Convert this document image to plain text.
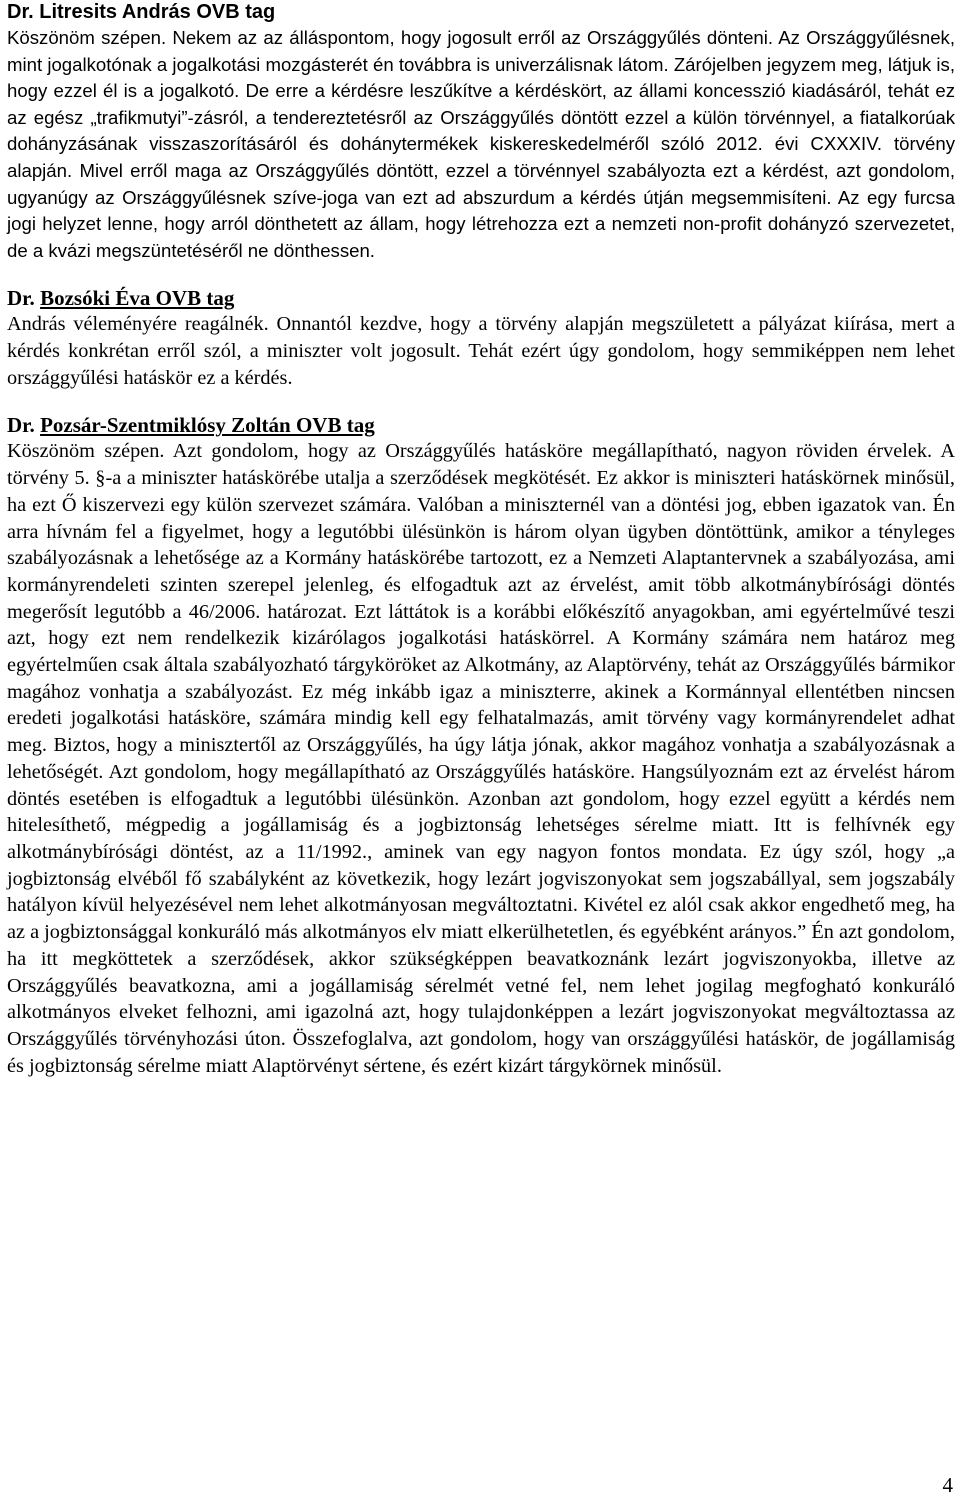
Dr. Litresits András OVB tag

Köszönöm szépen. Nekem az az álláspontom, hogy jogosult erről az Országgyűlés dönteni. Az Országgyűlésnek, mint jogalkotónak a jogalkotási mozgásterét én továbbra is univerzálisnak látom. Zárójelben jegyzem meg, látjuk is, hogy ezzel él is a jogalkotó. De erre a kérdésre leszűkítve a kérdéskört, az állami koncesszió kiadásáról, tehát ez az egész „trafikmutyi”-zásról, a tendereztetésről az Országgyűlés döntött ezzel a külön törvénnyel, a fiatalkorúak dohányzásának visszaszorításáról és dohánytermékek kiskereskedelméről szóló 2012. évi CXXXIV. törvény alapján. Mivel erről maga az Országgyűlés döntött, ezzel a törvénnyel szabályozta ezt a kérdést, azt gondolom, ugyanúgy az Országgyűlésnek szíve-joga van ezt ad abszurdum a kérdés útján megsemmisíteni. Az egy furcsa jogi helyzet lenne, hogy arról dönthetett az állam, hogy létrehozza ezt a nemzeti non-profit dohányzó szervezetet, de a kvázi megszüntetéséről ne dönthessen.

Dr. Bozsóki Éva OVB tag

András véleményére reagálnék. Onnantól kezdve, hogy a törvény alapján megszületett a pályázat kiírása, mert a kérdés konkrétan erről szól, a miniszter volt jogosult. Tehát ezért úgy gondolom, hogy semmiképpen nem lehet országgyűlési hatáskör ez a kérdés.

Dr. Pozsár-Szentmiklósy Zoltán OVB tag

Köszönöm szépen. Azt gondolom, hogy az Országgyűlés hatásköre megállapítható, nagyon röviden érvelek. A törvény 5. §-a a miniszter hatáskörébe utalja a szerződések megkötését. Ez akkor is miniszteri hatáskörnek minősül, ha ezt Ő kiszervezi egy külön szervezet számára. Valóban a miniszternél van a döntési jog, ebben igazatok van. Én arra hívnám fel a figyelmet, hogy a legutóbbi ülésünkön is három olyan ügyben döntöttünk, amikor a tényleges szabályozásnak a lehetősége az a Kormány hatáskörébe tartozott, ez a Nemzeti Alaptantervnek a szabályozása, ami kormányrendeleti szinten szerepel jelenleg, és elfogadtuk azt az érvelést, amit több alkotmánybírósági döntés megerősít legutóbb a 46/2006. határozat. Ezt láttátok is a korábbi előkészítő anyagokban, ami egyértelművé teszi azt, hogy ezt nem rendelkezik kizárólagos jogalkotási hatáskörrel. A Kormány számára nem határoz meg egyértelműen csak általa szabályozható tárgyköröket az Alkotmány, az Alaptörvény, tehát az Országgyűlés bármikor magához vonhatja a szabályozást. Ez még inkább igaz a miniszterre, akinek a Kormánnyal ellentétben nincsen eredeti jogalkotási hatásköre, számára mindig kell egy felhatalmazás, amit törvény vagy kormányrendelet adhat meg. Biztos, hogy a minisztertől az Országgyűlés, ha úgy látja jónak, akkor magához vonhatja a szabályozásnak a lehetőségét. Azt gondolom, hogy megállapítható az Országgyűlés hatásköre. Hangsúlyoznám ezt az érvelést három döntés esetében is elfogadtuk a legutóbbi ülésünkön. Azonban azt gondolom, hogy ezzel együtt a kérdés nem hitelesíthető, mégpedig a jogállamiság és a jogbiztonság lehetséges sérelme miatt. Itt is felhívnék egy alkotmánybírósági döntést, az a 11/1992., aminek van egy nagyon fontos mondata. Ez úgy szól, hogy „a jogbiztonság elvéből fő szabályként az következik, hogy lezárt jogviszonyokat sem jogszabállyal, sem jogszabály hatályon kívül helyezésével nem lehet alkotmányosan megváltoztatni. Kivétel ez alól csak akkor engedhető meg, ha az a jogbiztonsággal konkuráló más alkotmányos elv miatt elkerülhetetlen, és egyébként arányos.” Én azt gondolom, ha itt megköttetek a szerződések, akkor szükségképpen beavatkoznánk lezárt jogviszonyokba, illetve az Országgyűlés beavatkozna, ami a jogállamiság sérelmét vetné fel, nem lehet jogilag megfogható konkuráló alkotmányos elveket felhozni, ami igazolná azt, hogy tulajdonképpen a lezárt jogviszonyokat megváltoztassa az Országgyűlés törvényhozási úton. Összefoglalva, azt gondolom, hogy van országgyűlési hatáskör, de jogállamiság és jogbiztonság sérelme miatt Alaptörvényt sértene, és ezért kizárt tárgykörnek minősül.

4
